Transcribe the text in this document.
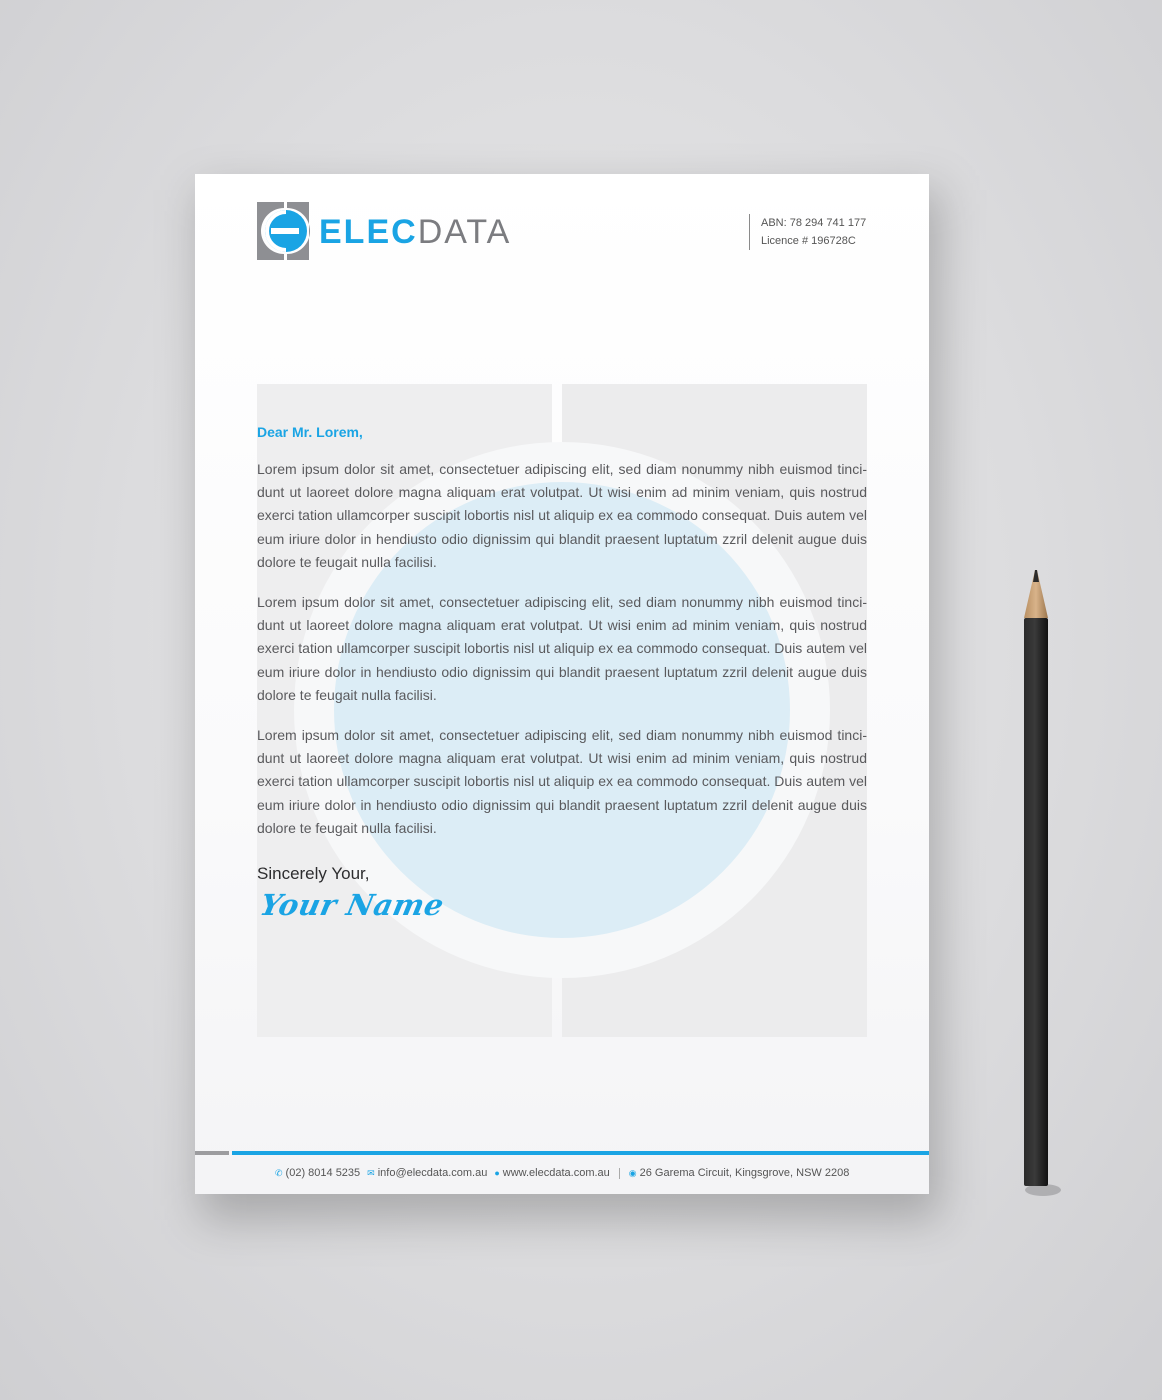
ELECDATA	ABN: 78 294 741 177
Licence # 196728C

Dear Mr. Lorem,

Lorem ipsum dolor sit amet, consectetuer adipiscing elit, sed diam nonummy nibh euismod tinci-dunt ut laoreet dolore magna aliquam erat volutpat. Ut wisi enim ad minim veniam, quis nostrud exerci tation ullamcorper suscipit lobortis nisl ut aliquip ex ea commodo consequat. Duis autem vel eum iriure dolor in hendiusto odio dignissim qui blandit praesent luptatum zzril delenit augue duis dolore te feugait nulla facilisi.

Lorem ipsum dolor sit amet, consectetuer adipiscing elit, sed diam nonummy nibh euismod tinci-dunt ut laoreet dolore magna aliquam erat volutpat. Ut wisi enim ad minim veniam, quis nostrud exerci tation ullamcorper suscipit lobortis nisl ut aliquip ex ea commodo consequat. Duis autem vel eum iriure dolor in hendiusto odio dignissim qui blandit praesent luptatum zzril delenit augue duis dolore te feugait nulla facilisi.

Lorem ipsum dolor sit amet, consectetuer adipiscing elit, sed diam nonummy nibh euismod tinci-dunt ut laoreet dolore magna aliquam erat volutpat. Ut wisi enim ad minim veniam, quis nostrud exerci tation ullamcorper suscipit lobortis nisl ut aliquip ex ea commodo consequat. Duis autem vel eum iriure dolor in hendiusto odio dignissim qui blandit praesent luptatum zzril delenit augue duis dolore te feugait nulla facilisi.

Sincerely Your,
Your Name
✆ (02) 8014 5235 ✉ info@elecdata.com.au ● www.elecdata.com.au ◉ 26 Garema Circuit, Kingsgrove, NSW 2208
